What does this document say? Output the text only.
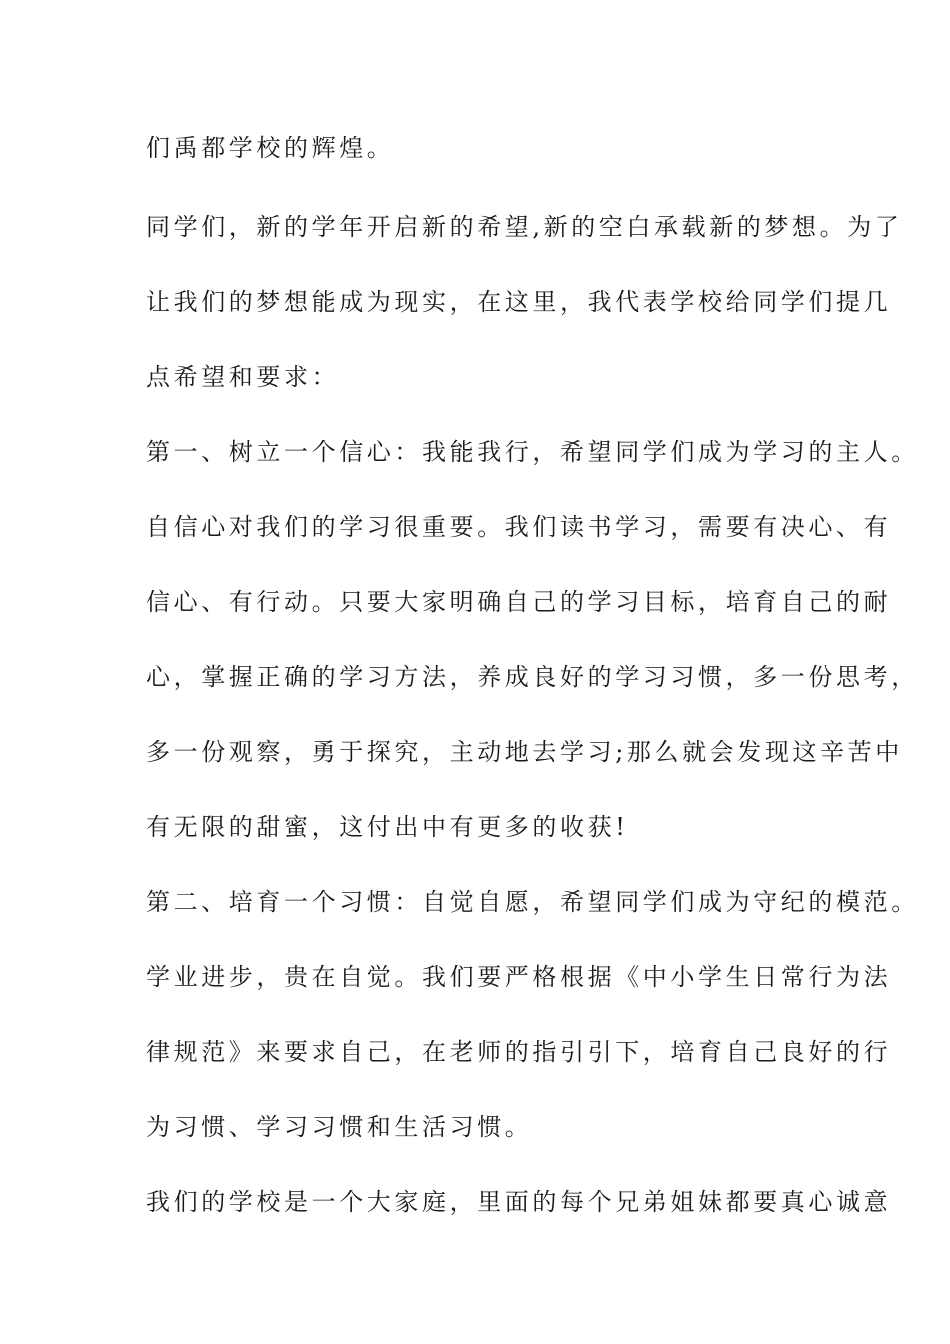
们禹都学校的辉煌。
同学们，新的学年开启新的希望,新的空白承载新的梦想。为了
让我们的梦想能成为现实，在这里，我代表学校给同学们提几
点希望和要求：
第一、树立一个信心：我能我行，希望同学们成为学习的主人。
自信心对我们的学习很重要。我们读书学习，需要有决心、有
信心、有行动。只要大家明确自己的学习目标，培育自己的耐
心，掌握正确的学习方法，养成良好的学习习惯，多一份思考，
多一份观察，勇于探究，主动地去学习;那么就会发现这辛苦中
有无限的甜蜜，这付出中有更多的收获!
第二、培育一个习惯：自觉自愿，希望同学们成为守纪的模范。
学业进步，贵在自觉。我们要严格根据《中小学生日常行为法
律规范》来要求自己，在老师的指引引下，培育自己良好的行
为习惯、学习习惯和生活习惯。
我们的学校是一个大家庭，里面的每个兄弟姐妹都要真心诚意
